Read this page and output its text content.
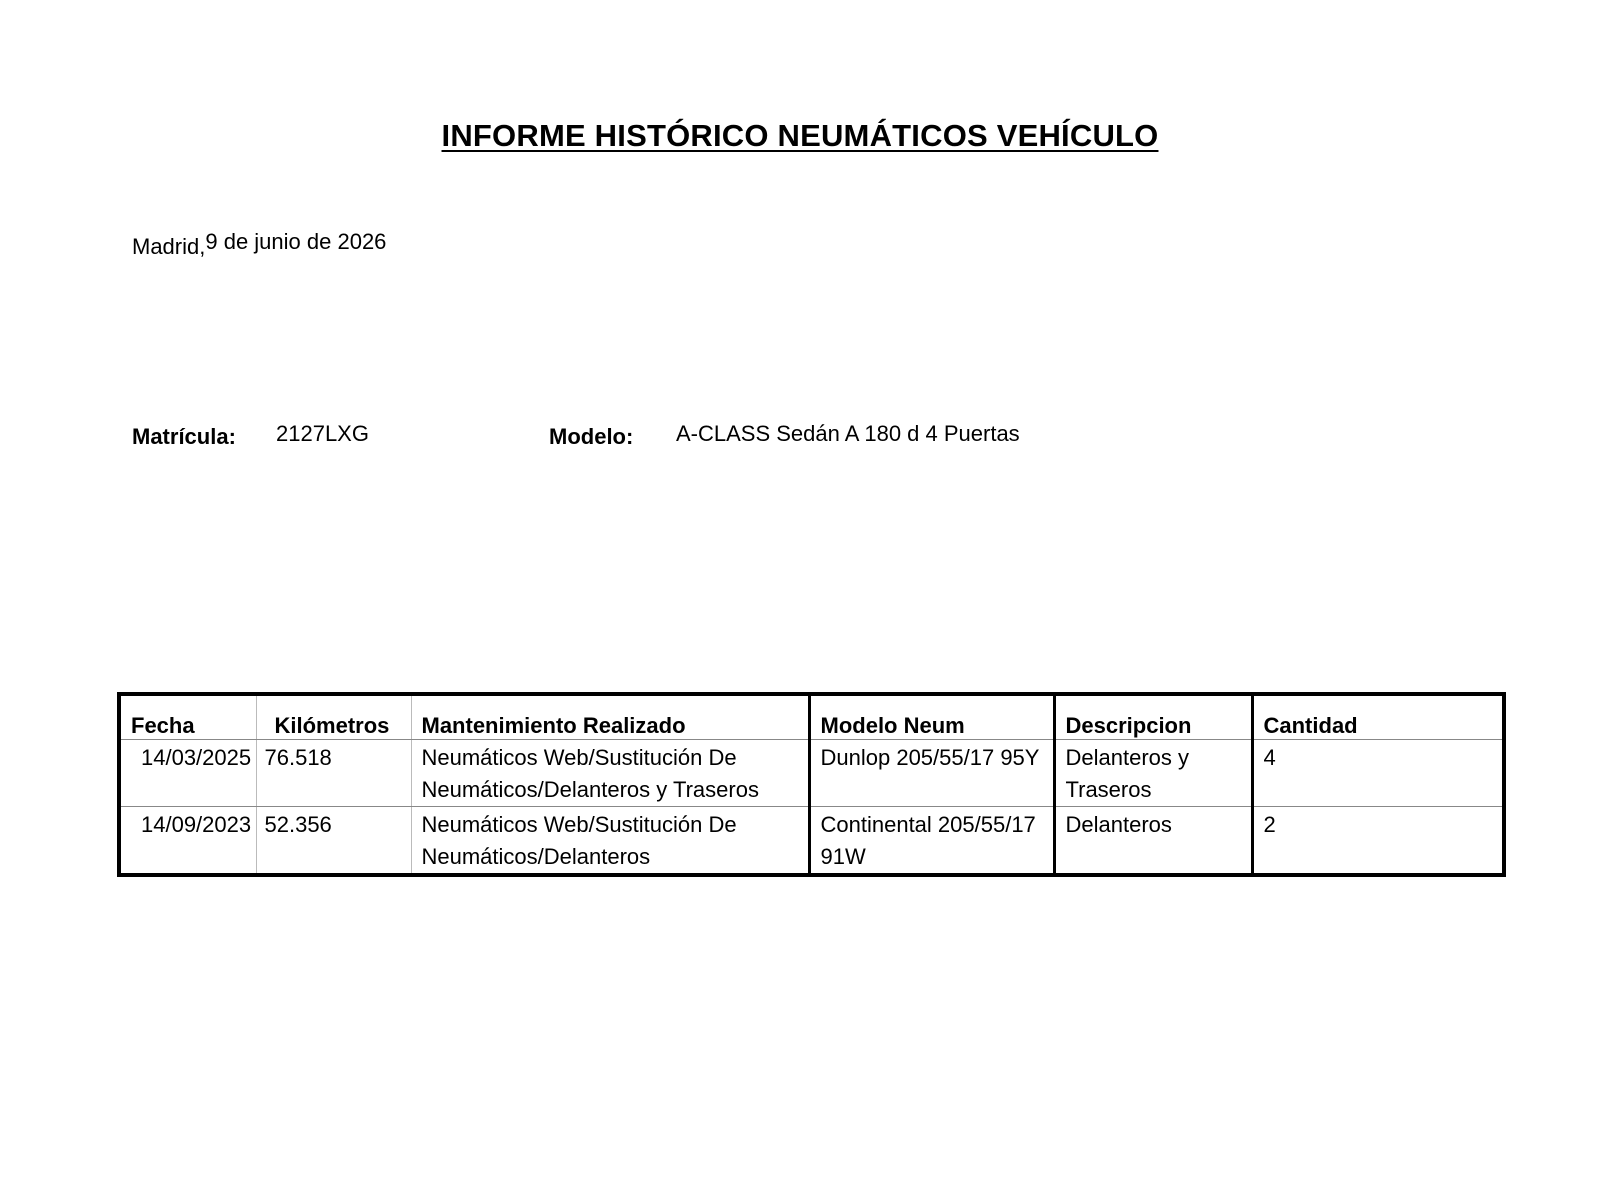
INFORME HISTÓRICO NEUMÁTICOS VEHÍCULO
Madrid,9 de junio de 2026
Matrícula: 2127LXG	Modelo: A-CLASS Sedán A 180 d 4 Puertas
Fecha	Kilómetros	Mantenimiento Realizado	Modelo Neum	Descripcion	Cantidad
14/03/2025	76.518	Neumáticos Web/Sustitución De Neumáticos/Delanteros y Traseros	Dunlop 205/55/17 95Y	Delanteros y Traseros	4
14/09/2023	52.356	Neumáticos Web/Sustitución De Neumáticos/Delanteros	Continental 205/55/17 91W	Delanteros	2
